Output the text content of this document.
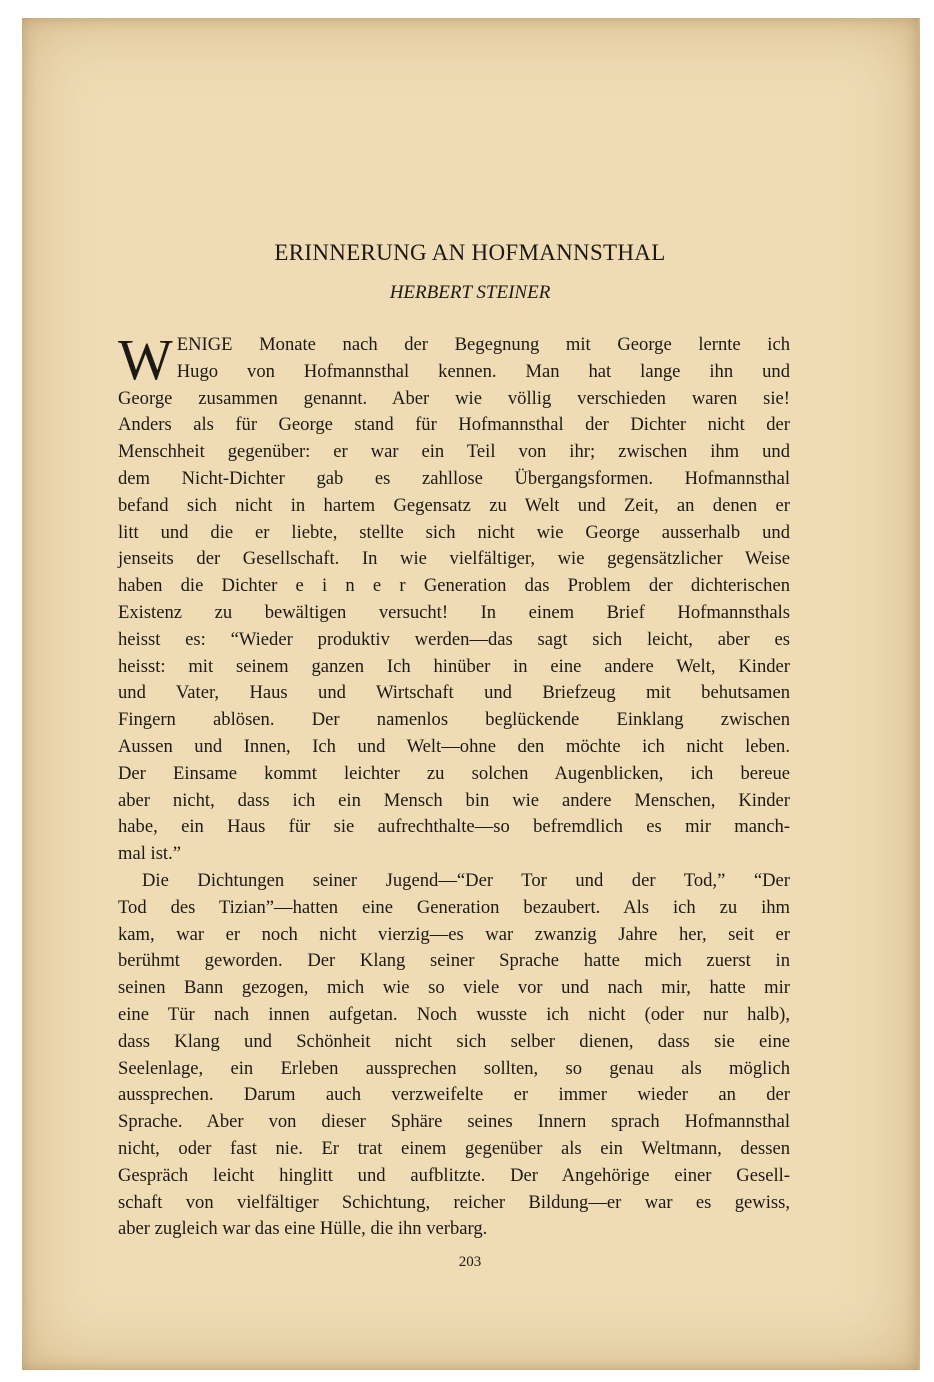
ERINNERUNG AN HOFMANNSTHAL
HERBERT STEINER
W ENIGE Monate nach der Begegnung mit George lernte ich
Hugo von Hofmannsthal kennen. Man hat lange ihn und
George zusammen genannt. Aber wie völlig verschieden waren sie!
Anders als für George stand für Hofmannsthal der Dichter nicht der
Menschheit gegenüber: er war ein Teil von ihr; zwischen ihm und
dem Nicht-Dichter gab es zahllose Übergangsformen. Hofmannsthal
befand sich nicht in hartem Gegensatz zu Welt und Zeit, an denen er
litt und die er liebte, stellte sich nicht wie George ausserhalb und
jenseits der Gesellschaft. In wie vielfältiger, wie gegensätzlicher Weise
haben die Dichter e i n e r Generation das Problem der dichterischen
Existenz zu bewältigen versucht! In einem Brief Hofmannsthals
heisst es: “Wieder produktiv werden—das sagt sich leicht, aber es
heisst: mit seinem ganzen Ich hinüber in eine andere Welt, Kinder
und Vater, Haus und Wirtschaft und Briefzeug mit behutsamen
Fingern ablösen. Der namenlos beglückende Einklang zwischen
Aussen und Innen, Ich und Welt—ohne den möchte ich nicht leben.
Der Einsame kommt leichter zu solchen Augenblicken, ich bereue
aber nicht, dass ich ein Mensch bin wie andere Menschen, Kinder
habe, ein Haus für sie aufrechthalte—so befremdlich es mir manch-
mal ist.”
Die Dichtungen seiner Jugend—“Der Tor und der Tod,” “Der
Tod des Tizian”—hatten eine Generation bezaubert. Als ich zu ihm
kam, war er noch nicht vierzig—es war zwanzig Jahre her, seit er
berühmt geworden. Der Klang seiner Sprache hatte mich zuerst in
seinen Bann gezogen, mich wie so viele vor und nach mir, hatte mir
eine Tür nach innen aufgetan. Noch wusste ich nicht (oder nur halb),
dass Klang und Schönheit nicht sich selber dienen, dass sie eine
Seelenlage, ein Erleben aussprechen sollten, so genau als möglich
aussprechen. Darum auch verzweifelte er immer wieder an der
Sprache. Aber von dieser Sphäre seines Innern sprach Hofmannsthal
nicht, oder fast nie. Er trat einem gegenüber als ein Weltmann, dessen
Gespräch leicht hinglitt und aufblitzte. Der Angehörige einer Gesell-
schaft von vielfältiger Schichtung, reicher Bildung—er war es gewiss,
aber zugleich war das eine Hülle, die ihn verbarg.
203
